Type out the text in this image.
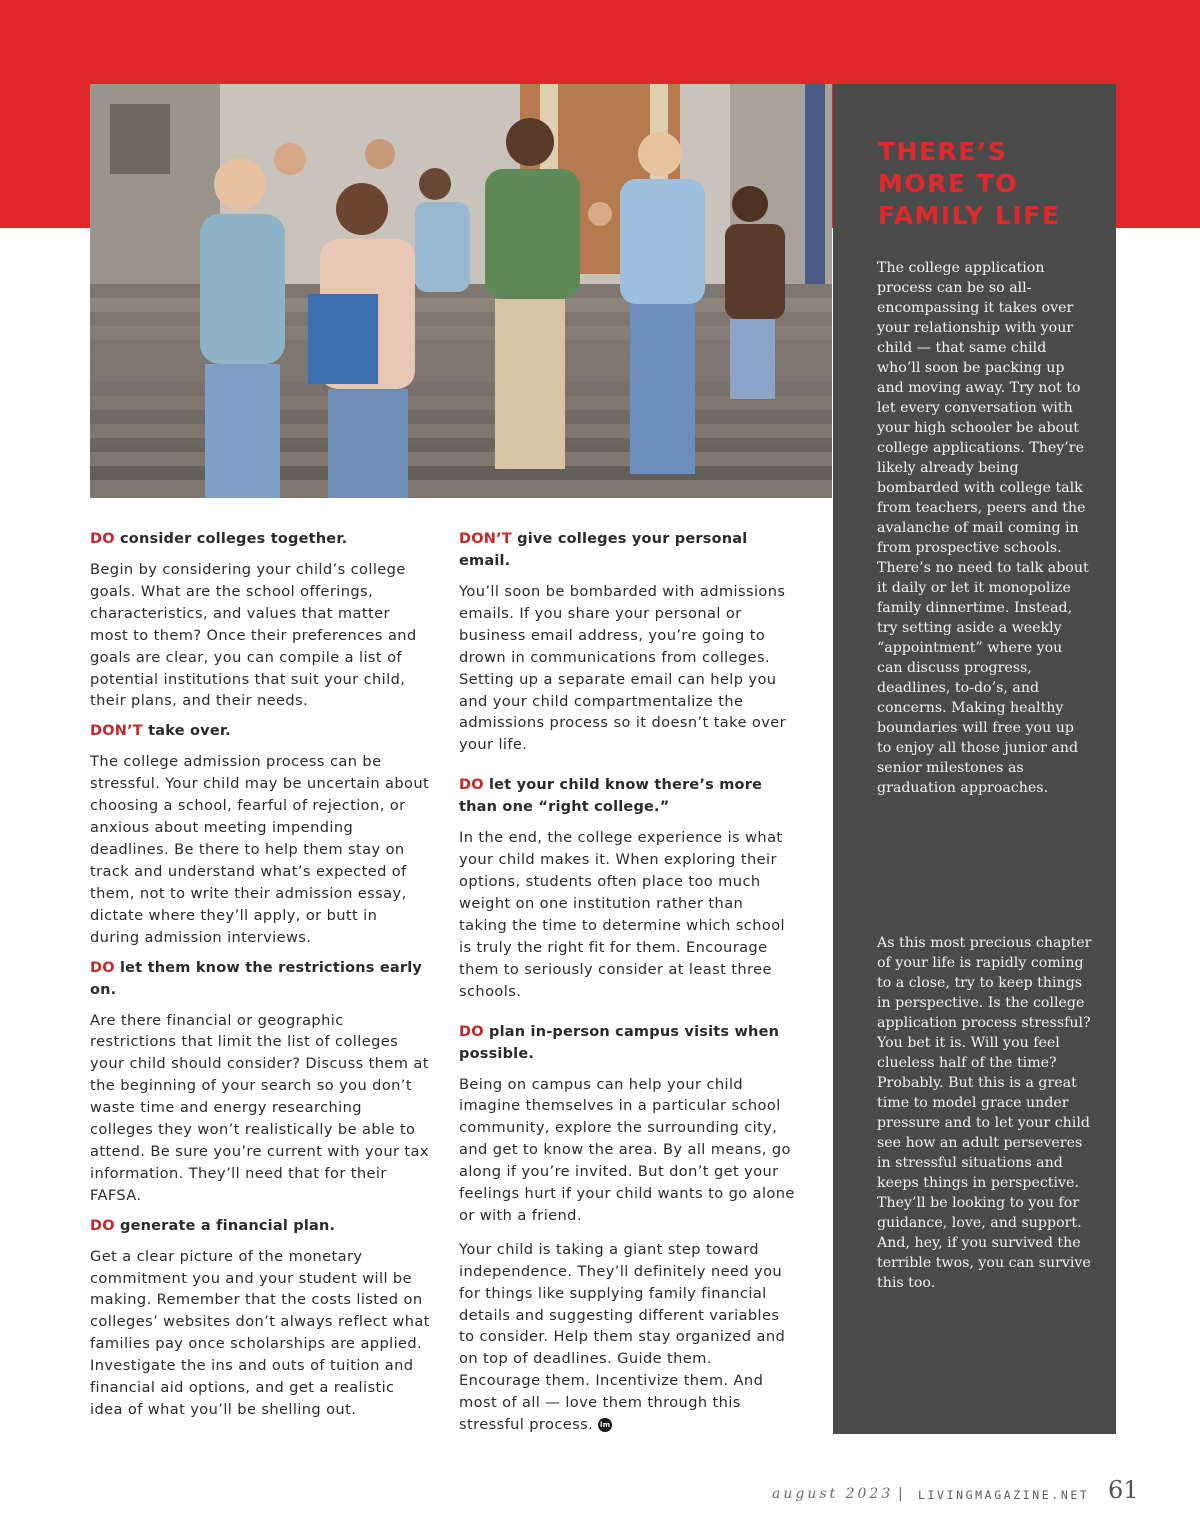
THERE’S
MORE TO
FAMILY LIFE

The college application process can be so all-encompassing it takes over your relationship with your child — that same child who’ll soon be packing up and moving away. Try not to let every conversation with your high schooler be about college applications. They’re likely already being bombarded with college talk from teachers, peers and the avalanche of mail coming in from prospective schools. There’s no need to talk about it daily or let it monopolize family dinnertime. Instead, try setting aside a weekly “appointment” where you can discuss progress, deadlines, to-do’s, and concerns. Making healthy boundaries will free you up to enjoy all those junior and senior milestones as graduation approaches.

As this most precious chapter of your life is rapidly coming to a close, try to keep things in perspective. Is the college application process stressful? You bet it is. Will you feel clueless half of the time? Probably. But this is a great time to model grace under pressure and to let your child see how an adult perseveres in stressful situations and keeps things in perspective. They’ll be looking to you for guidance, love, and support. And, hey, if you survived the terrible twos, you can survive this too.

DO consider colleges together.

Begin by considering your child’s college goals. What are the school offerings, characteristics, and values that matter most to them? Once their preferences and goals are clear, you can compile a list of potential institutions that suit your child, their plans, and their needs.

DON’T take over.

The college admission process can be stressful. Your child may be uncertain about choosing a school, fearful of rejection, or anxious about meeting impending deadlines. Be there to help them stay on track and understand what’s expected of them, not to write their admission essay, dictate where they’ll apply, or butt in during admission interviews.

DO let them know the restrictions early on.

Are there financial or geographic restrictions that limit the list of colleges your child should consider? Discuss them at the beginning of your search so you don’t waste time and energy researching colleges they won’t realistically be able to attend. Be sure you’re current with your tax information. They’ll need that for their FAFSA.

DO generate a financial plan.

Get a clear picture of the monetary commitment you and your student will be making. Remember that the costs listed on colleges’ websites don’t always reflect what families pay once scholarships are applied. Investigate the ins and outs of tuition and financial aid options, and get a realistic idea of what you’ll be shelling out.

DON’T give colleges your personal email.

You’ll soon be bombarded with admissions emails. If you share your personal or business email address, you’re going to drown in communications from colleges. Setting up a separate email can help you and your child compartmentalize the admissions process so it doesn’t take over your life.

DO let your child know there’s more than one “right college.”

In the end, the college experience is what your child makes it. When exploring their options, students often place too much weight on one institution rather than taking the time to determine which school is truly the right fit for them. Encourage them to seriously consider at least three schools.

DO plan in-person campus visits when possible.

Being on campus can help your child imagine themselves in a particular school community, explore the surrounding city, and get to know the area. By all means, go along if you’re invited. But don’t get your feelings hurt if your child wants to go alone or with a friend.

Your child is taking a giant step toward independence. They’ll definitely need you for things like supplying family financial details and suggesting different variables to consider. Help them stay organized and on top of deadlines. Guide them. Encourage them. Incentivize them. And most of all — love them through this stressful process. lm

august 2023 | LIVINGMAGAZINE.NET 61
